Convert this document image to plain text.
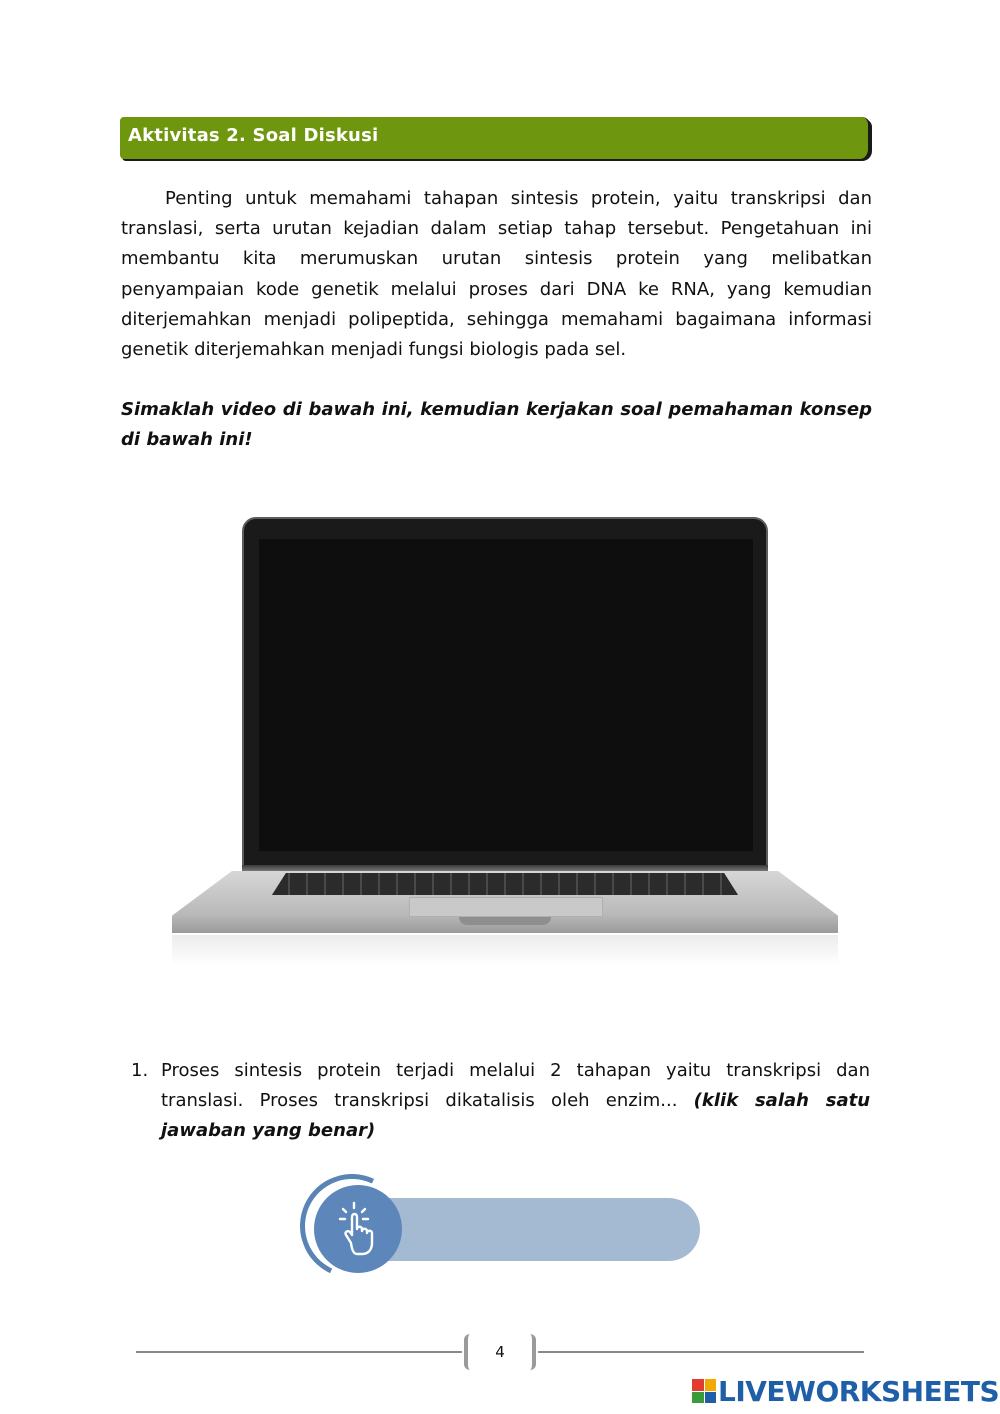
Aktivitas 2. Soal Diskusi

Penting untuk memahami tahapan sintesis protein, yaitu transkripsi dan translasi, serta urutan kejadian dalam setiap tahap tersebut. Pengetahuan ini membantu kita merumuskan urutan sintesis protein yang melibatkan penyampaian kode genetik melalui proses dari DNA ke RNA, yang kemudian diterjemahkan menjadi polipeptida, sehingga memahami bagaimana informasi genetik diterjemahkan menjadi fungsi biologis pada sel.

Simaklah video di bawah ini, kemudian kerjakan soal pemahaman konsep di bawah ini!

1. Proses sintesis protein terjadi melalui 2 tahapan yaitu transkripsi dan translasi. Proses transkripsi dikatalisis oleh enzim... (klik salah satu jawaban yang benar)
4
LIVEWORKSHEETS
